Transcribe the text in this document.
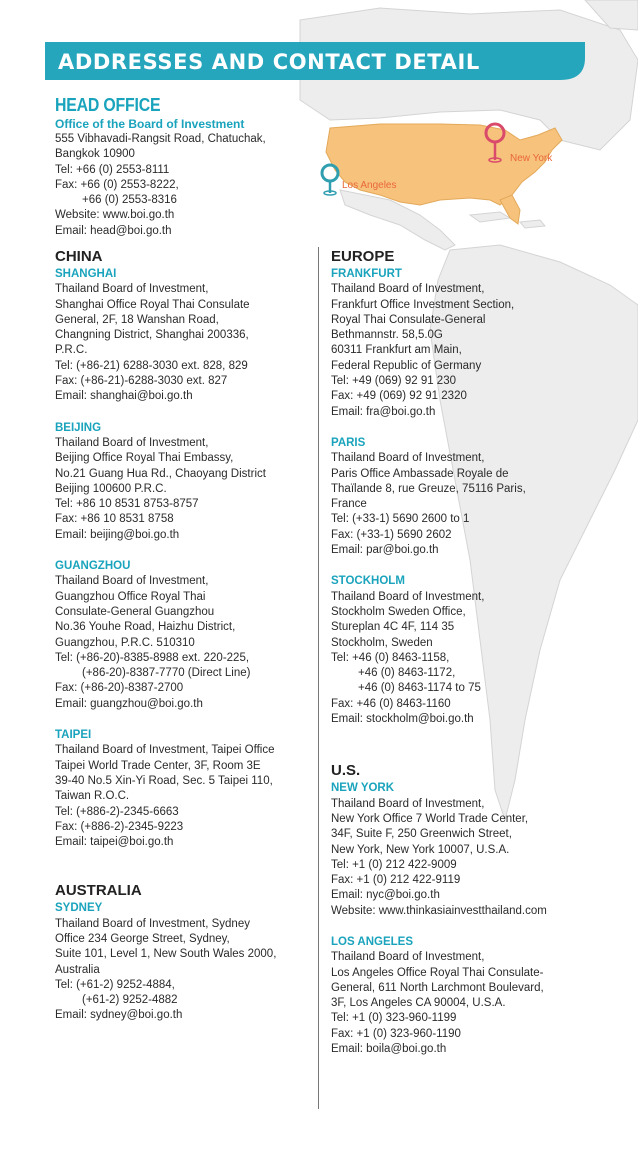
ADDRESSES AND CONTACT DETAIL
New York
Los Angeles
HEAD OFFICE
Office of the Board of Investment
555 Vibhavadi-Rangsit Road, Chatuchak,
Bangkok 10900
Tel: +66 (0) 2553-8111
Fax: +66 (0) 2553-8222,
+66 (0) 2553-8316
Website: www.boi.go.th
Email: head@boi.go.th
CHINA
SHANGHAI
Thailand Board of Investment,
Shanghai Office Royal Thai Consulate
General, 2F, 18 Wanshan Road,
Changning District, Shanghai 200336,
P.R.C.
Tel: (+86-21) 6288-3030 ext. 828, 829
Fax: (+86-21)-6288-3030 ext. 827
Email: shanghai@boi.go.th
BEIJING
Thailand Board of Investment,
Beijing Office Royal Thai Embassy,
No.21 Guang Hua Rd., Chaoyang District
Beijing 100600 P.R.C.
Tel: +86 10 8531 8753-8757
Fax: +86 10 8531 8758
Email: beijing@boi.go.th
GUANGZHOU
Thailand Board of Investment,
Guangzhou Office Royal Thai
Consulate-General Guangzhou
No.36 Youhe Road, Haizhu District,
Guangzhou, P.R.C. 510310
Tel: (+86-20)-8385-8988 ext. 220-225,
(+86-20)-8387-7770 (Direct Line)
Fax: (+86-20)-8387-2700
Email: guangzhou@boi.go.th
TAIPEI
Thailand Board of Investment, Taipei Office
Taipei World Trade Center, 3F, Room 3E
39-40 No.5 Xin-Yi Road, Sec. 5 Taipei 110,
Taiwan R.O.C.
Tel: (+886-2)-2345-6663
Fax: (+886-2)-2345-9223
Email: taipei@boi.go.th
AUSTRALIA
SYDNEY
Thailand Board of Investment, Sydney
Office 234 George Street, Sydney,
Suite 101, Level 1, New South Wales 2000,
Australia
Tel: (+61-2) 9252-4884,
(+61-2) 9252-4882
Email: sydney@boi.go.th
EUROPE
FRANKFURT
Thailand Board of Investment,
Frankfurt Office Investment Section,
Royal Thai Consulate-General
Bethmannstr. 58,5.0G
60311 Frankfurt am Main,
Federal Republic of Germany
Tel: +49 (069) 92 91 230
Fax: +49 (069) 92 91 2320
Email: fra@boi.go.th
PARIS
Thailand Board of Investment,
Paris Office Ambassade Royale de
Thaïlande 8, rue Greuze, 75116 Paris,
France
Tel: (+33-1) 5690 2600 to 1
Fax: (+33-1) 5690 2602
Email: par@boi.go.th
STOCKHOLM
Thailand Board of Investment,
Stockholm Sweden Office,
Stureplan 4C 4F, 114 35
Stockholm, Sweden
Tel: +46 (0) 8463-1158,
+46 (0) 8463-1172,
+46 (0) 8463-1174 to 75
Fax: +46 (0) 8463-1160
Email: stockholm@boi.go.th
U.S.
NEW YORK
Thailand Board of Investment,
New York Office 7 World Trade Center,
34F, Suite F, 250 Greenwich Street,
New York, New York 10007, U.S.A.
Tel: +1 (0) 212 422-9009
Fax: +1 (0) 212 422-9119
Email: nyc@boi.go.th
Website: www.thinkasiainvestthailand.com
LOS ANGELES
Thailand Board of Investment,
Los Angeles Office Royal Thai Consulate-
General, 611 North Larchmont Boulevard,
3F, Los Angeles CA 90004, U.S.A.
Tel: +1 (0) 323-960-1199
Fax: +1 (0) 323-960-1190
Email: boila@boi.go.th
